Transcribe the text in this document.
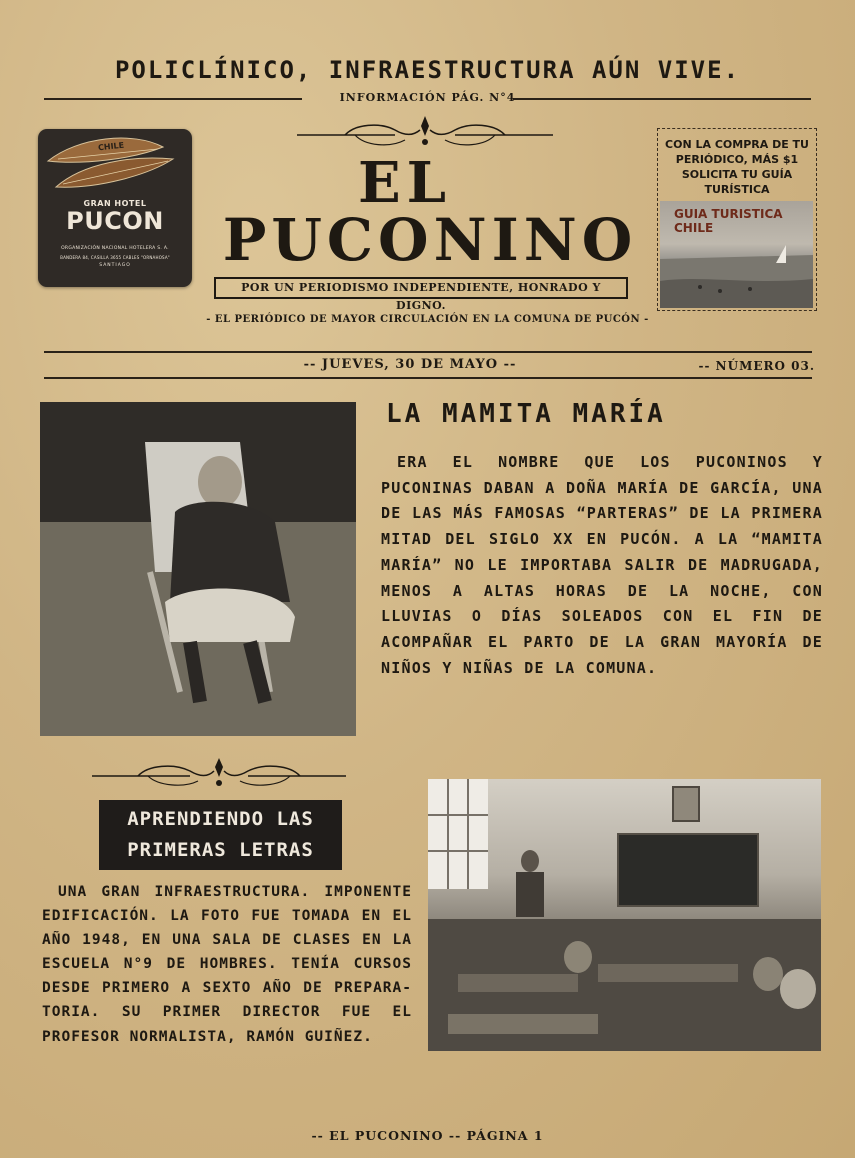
POLICLÍNICO, INFRAESTRUCTURA AÚN VIVE.
INFORMACIÓN PÁG. N°4
CHILE
GRAN HOTEL
PUCON
ORGANIZACIÓN NACIONAL HOTELERA S. A.
BANDERA 84, CASILLA 3655 CABLES "ORNAHOSA"
SANTIAGO
EL
PUCONINO
POR UN PERIODISMO INDEPENDIENTE, HONRADO Y DIGNO.
- EL PERIÓDICO DE MAYOR CIRCULACIÓN EN LA COMUNA DE PUCÓN -
CON LA COMPRA DE TU PERIÓDICO, MÁS $1 SOLICITA TU GUÍA TURÍSTICA
GUIA TURISTICA
CHILE
-- JUEVES, 30 DE MAYO --	-- NÚMERO 03.
LA MAMITA MARÍA
ERA EL NOMBRE QUE LOS PUCONINOS Y PUCONINAS DABAN A DOÑA MARÍA DE GARCÍA, UNA DE LAS MÁS FAMOSAS “PARTERAS” DE LA PRIMERA MITAD DEL SIGLO XX EN PUCÓN. A LA “MAMITA MARÍA” NO LE IMPORTABA SALIR DE MADRUGADA, MENOS A ALTAS HORAS DE LA NOCHE, CON LLUVIAS O DÍAS SOLEADOS CON EL FIN DE ACOMPAÑAR EL PARTO DE LA GRAN MAYORÍA DE NIÑOS Y NIÑAS DE LA COMUNA.
APRENDIENDO LAS
PRIMERAS LETRAS
UNA GRAN INFRAESTRUCTURA. IMPONENTE EDIFICACIÓN. LA FOTO FUE TOMADA EN EL AÑO 1948, EN UNA SALA DE CLASES EN LA ESCUELA N°9 DE HOMBRES. TENÍA CURSOS DESDE PRIMERO A SEXTO AÑO DE PREPARA-TORIA. SU PRIMER DIRECTOR FUE EL PROFESOR NORMALISTA, RAMÓN GUIÑEZ.
-- EL PUCONINO -- PÁGINA 1
